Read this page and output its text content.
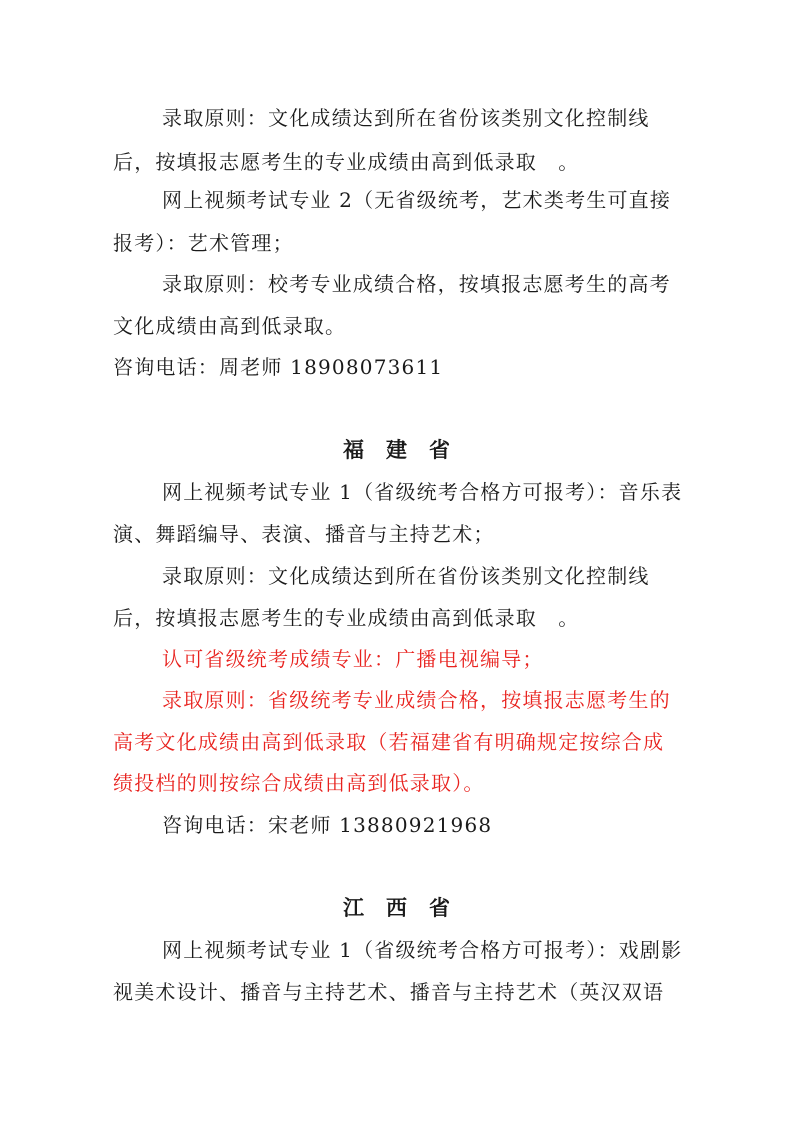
录取原则：文化成绩达到所在省份该类别文化控制线
后，按填报志愿考生的专业成绩由高到低录取　。
网上视频考试专业 2（无省级统考，艺术类考生可直接
报考）：艺术管理；
录取原则：校考专业成绩合格，按填报志愿考生的高考
文化成绩由高到低录取。
咨询电话：周老师 18908073611
福建省
网上视频考试专业 1（省级统考合格方可报考）：音乐表
演、舞蹈编导、表演、播音与主持艺术；
录取原则：文化成绩达到所在省份该类别文化控制线
后，按填报志愿考生的专业成绩由高到低录取　。
认可省级统考成绩专业：广播电视编导；
录取原则：省级统考专业成绩合格，按填报志愿考生的
高考文化成绩由高到低录取（若福建省有明确规定按综合成
绩投档的则按综合成绩由高到低录取）。
咨询电话：宋老师 13880921968
江西省
网上视频考试专业 1（省级统考合格方可报考）：戏剧影
视美术设计、播音与主持艺术、播音与主持艺术（英汉双语
